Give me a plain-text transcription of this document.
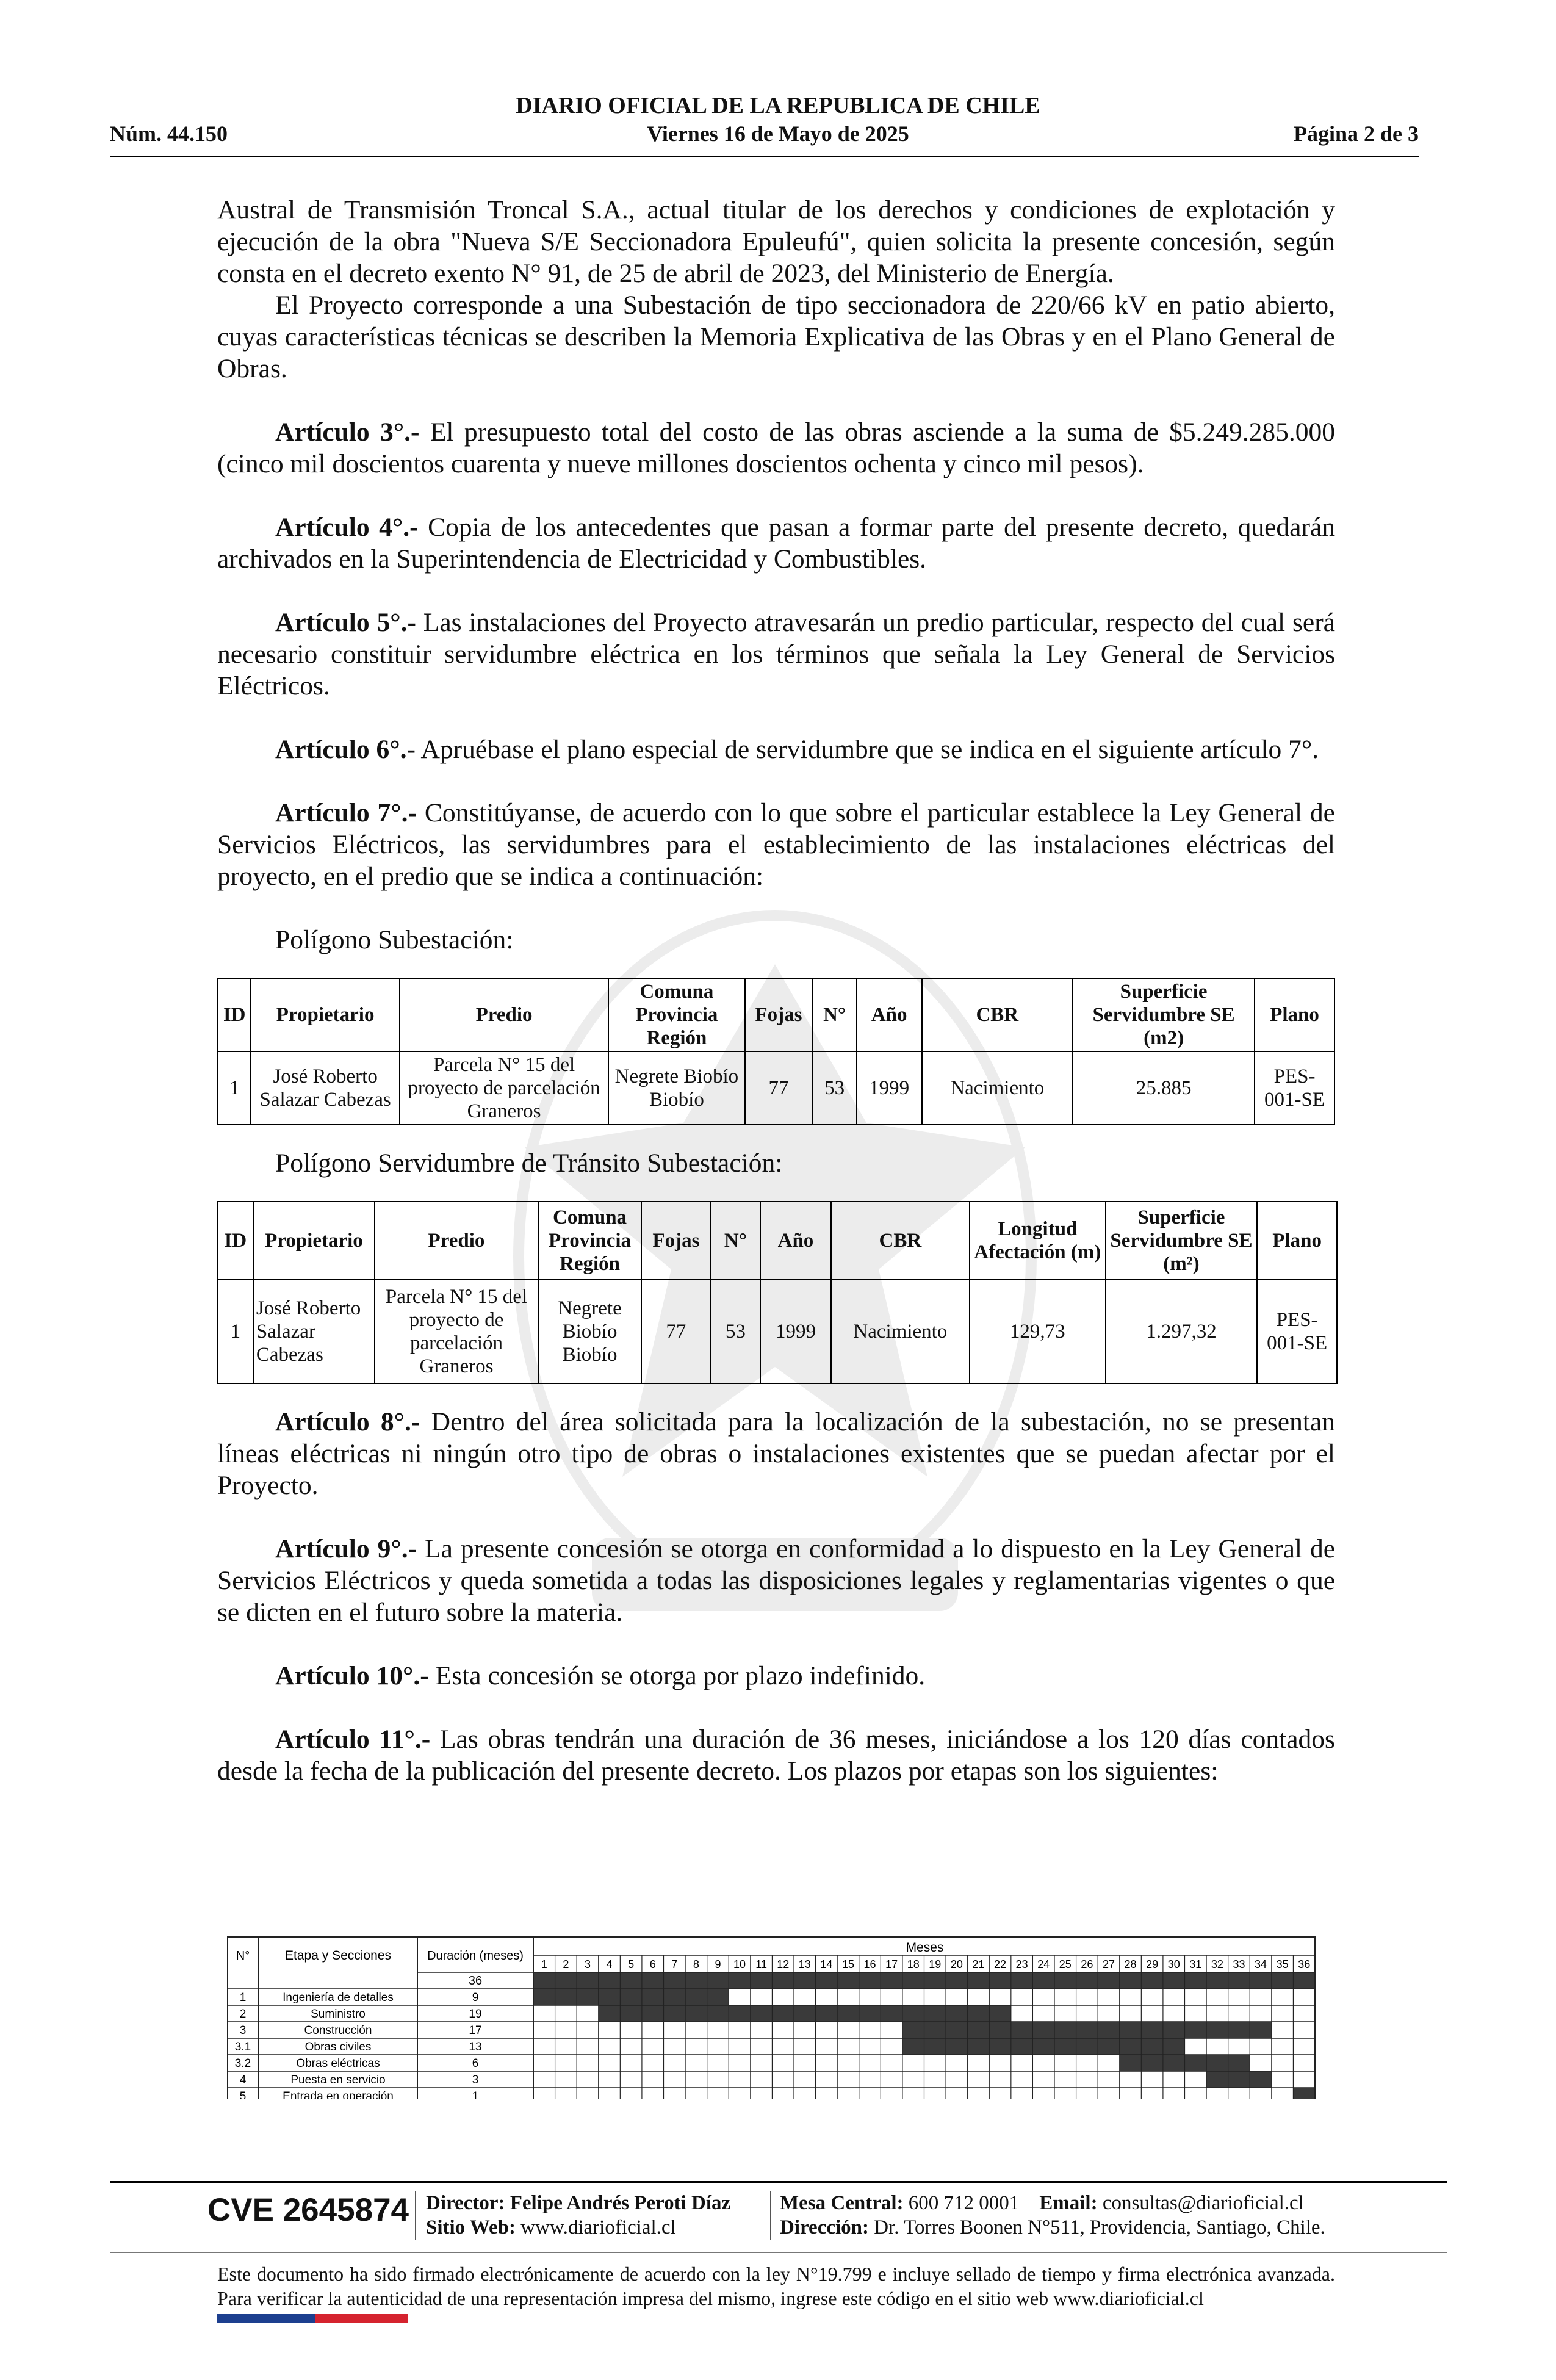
DIARIO OFICIAL DE LA REPUBLICA DE CHILE
Núm. 44.150	Viernes 16 de Mayo de 2025	Página 2 de 3

Austral de Transmisión Troncal S.A., actual titular de los derechos y condiciones de explotación y ejecución de la obra "Nueva S/E Seccionadora Epuleufú", quien solicita la presente concesión, según consta en el decreto exento N° 91, de 25 de abril de 2023, del Ministerio de Energía.

El Proyecto corresponde a una Subestación de tipo seccionadora de 220/66 kV en patio abierto, cuyas características técnicas se describen la Memoria Explicativa de las Obras y en el Plano General de Obras.

Artículo 3°.- El presupuesto total del costo de las obras asciende a la suma de $5.249.285.000 (cinco mil doscientos cuarenta y nueve millones doscientos ochenta y cinco mil pesos).

Artículo 4°.- Copia de los antecedentes que pasan a formar parte del presente decreto, quedarán archivados en la Superintendencia de Electricidad y Combustibles.

Artículo 5°.- Las instalaciones del Proyecto atravesarán un predio particular, respecto del cual será necesario constituir servidumbre eléctrica en los términos que señala la Ley General de Servicios Eléctricos.

Artículo 6°.- Apruébase el plano especial de servidumbre que se indica en el siguiente artículo 7°.

Artículo 7°.- Constitúyanse, de acuerdo con lo que sobre el particular establece la Ley General de Servicios Eléctricos, las servidumbres para el establecimiento de las instalaciones eléctricas del proyecto, en el predio que se indica a continuación:

Polígono Subestación:

ID	Propietario	Predio	Comuna Provincia Región	Fojas	N°	Año	CBR	Superficie Servidumbre SE (m2)	Plano
1	José Roberto Salazar Cabezas	Parcela N° 15 del proyecto de parcelación Graneros	Negrete Biobío Biobío	77	53	1999	Nacimiento	25.885	PES-001-SE

Polígono Servidumbre de Tránsito Subestación:

ID	Propietario	Predio	Comuna Provincia Región	Fojas	N°	Año	CBR	Longitud Afectación (m)	Superficie Servidumbre SE (m²)	Plano
1	José Roberto Salazar Cabezas	Parcela N° 15 del proyecto de parcelación Graneros	Negrete Biobío Biobío	77	53	1999	Nacimiento	129,73	1.297,32	PES-001-SE

Artículo 8°.- Dentro del área solicitada para la localización de la subestación, no se presentan líneas eléctricas ni ningún otro tipo de obras o instalaciones existentes que se puedan afectar por el Proyecto.

Artículo 9°.- La presente concesión se otorga en conformidad a lo dispuesto en la Ley General de Servicios Eléctricos y queda sometida a todas las disposiciones legales y reglamentarias vigentes o que se dicten en el futuro sobre la materia.

Artículo 10°.- Esta concesión se otorga por plazo indefinido.

Artículo 11°.- Las obras tendrán una duración de 36 meses, iniciándose a los 120 días contados desde la fecha de la publicación del presente decreto. Los plazos por etapas son los siguientes:

N°	Etapa y Secciones	Duración (meses)
Meses
1 2 3 4 5 6 7 8 9 10 11 12 13 14 15 16 17 18 19 20 21 22 23 24 25 26 27 28 29 30 31 32 33 34 35 36
36
1	Ingeniería de detalles	9
2	Suministro	19
3	Construcción	17
3.1	Obras civiles	13
3.2	Obras eléctricas	6
4	Puesta en servicio	3
5	Entrada en operación	1
CVE 2645874 Director: Felipe Andrés Peroti Díaz
Sitio Web: www.diarioficial.cl
Mesa Central: 600 712 0001 Email: consultas@diarioficial.cl
Dirección: Dr. Torres Boonen N°511, Providencia, Santiago, Chile.
Este documento ha sido firmado electrónicamente de acuerdo con la ley N°19.799 e incluye sellado de tiempo y firma electrónica avanzada. Para verificar la autenticidad de una representación impresa del mismo, ingrese este código en el sitio web www.diarioficial.cl
